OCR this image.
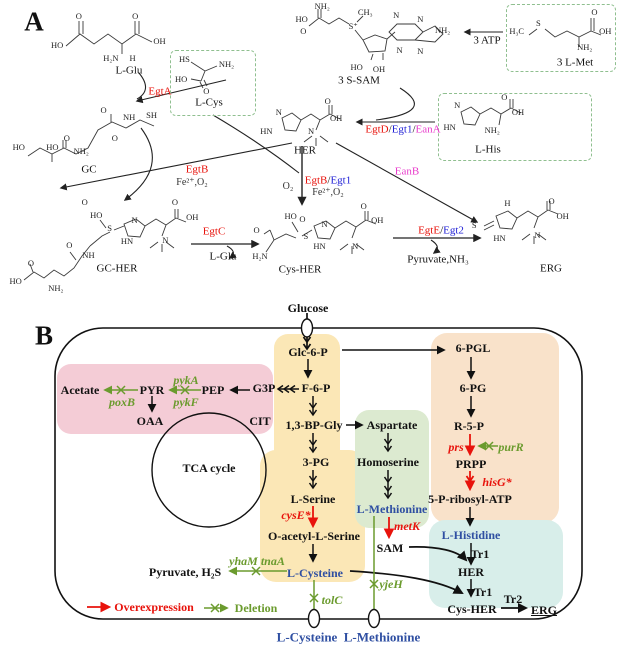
O	O
HO	OH
H₂N H	HS
NH₂
HO
O
HO
O
NH₂
CH₃
S⁺
N N
NH₂
N N
HO OH
H₃C
S
O
OH
NH₂
N
HN
O
OH
NH₂
N
HN
O
OH
N
O
NH SH
HO
O
HO NH₂
O
O
HO
S
N
HN
O
OH
N
O
NH
O
HO
NH₂
O
HO O
S
N
HN
H₂N
O
OH
N
S
H
HN
O
OH
N
A
L-Glu
L-Cys
3 S-SAM
3 L-Met
L-His
HER
GC
GC-HER	Cys-HER	ERG
EgtA
3 ATP
EgtD/Egt1/EanA
EgtB
Fe²⁺,O₂	O₂ EgtB/Egt1
Fe²⁺,O₂
EanB
EgtC
L-Glu
EgtE/Egt2
Pyruvate,NH₃
B
Glucose
Glc-6-P	6-PGL
F-6-P
G3P	6-PG
1,3-BP-Gly Aspartate	R-5-P
3-PG Homoserine	PRPP
L-Serine	5-P-ribosyl-ATP
O-acetyl-L-Serine
L-Cysteine
L-Methionine
SAM
L-Histidine
Tr1
HER
Tr1
Cys-HER
Tr2
ERG
Pyruvate, H₂S
Acetate	PYR	PEP
OAA	CIT
TCA cycle
L-Cysteine L-Methionine
poxB
pykA
pykF
prs	purR
hisG*
cysE*
metK
yhaM tnaA
yjeH
tolC
Overexpression	Deletion
